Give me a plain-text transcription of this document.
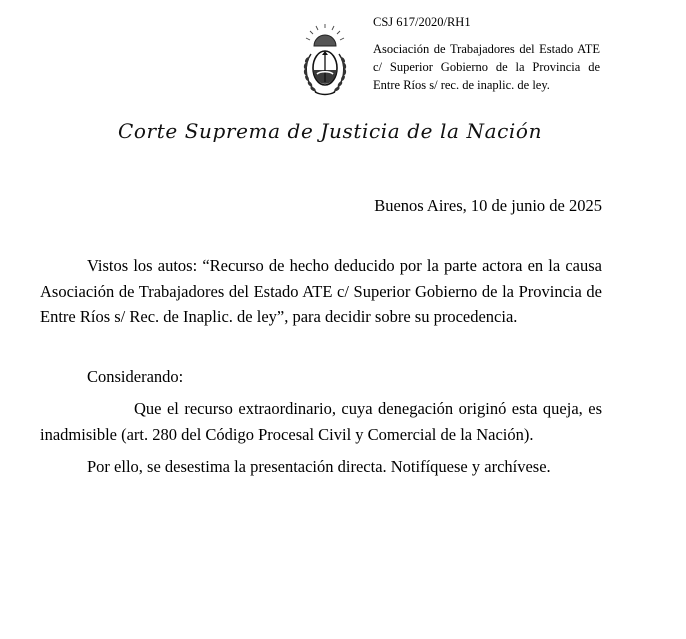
CSJ 617/2020/RH1
Asociación de Trabajadores del Estado ATE c/ Superior Gobierno de la Provincia de Entre Ríos s/ rec. de inaplic. de ley.
Corte Suprema de Justicia de la Nación
Buenos Aires, 10 de junio de 2025
Vistos los autos: “Recurso de hecho deducido por la parte actora en la causa Asociación de Trabajadores del Estado ATE c/ Superior Gobierno de la Provincia de Entre Ríos s/ Rec. de Inaplic. de ley”, para decidir sobre su procedencia.
Considerando:
Que el recurso extraordinario, cuya denegación originó esta queja, es inadmisible (art. 280 del Código Procesal Civil y Comercial de la Nación).
Por ello, se desestima la presentación directa. Notifíquese y archívese.
